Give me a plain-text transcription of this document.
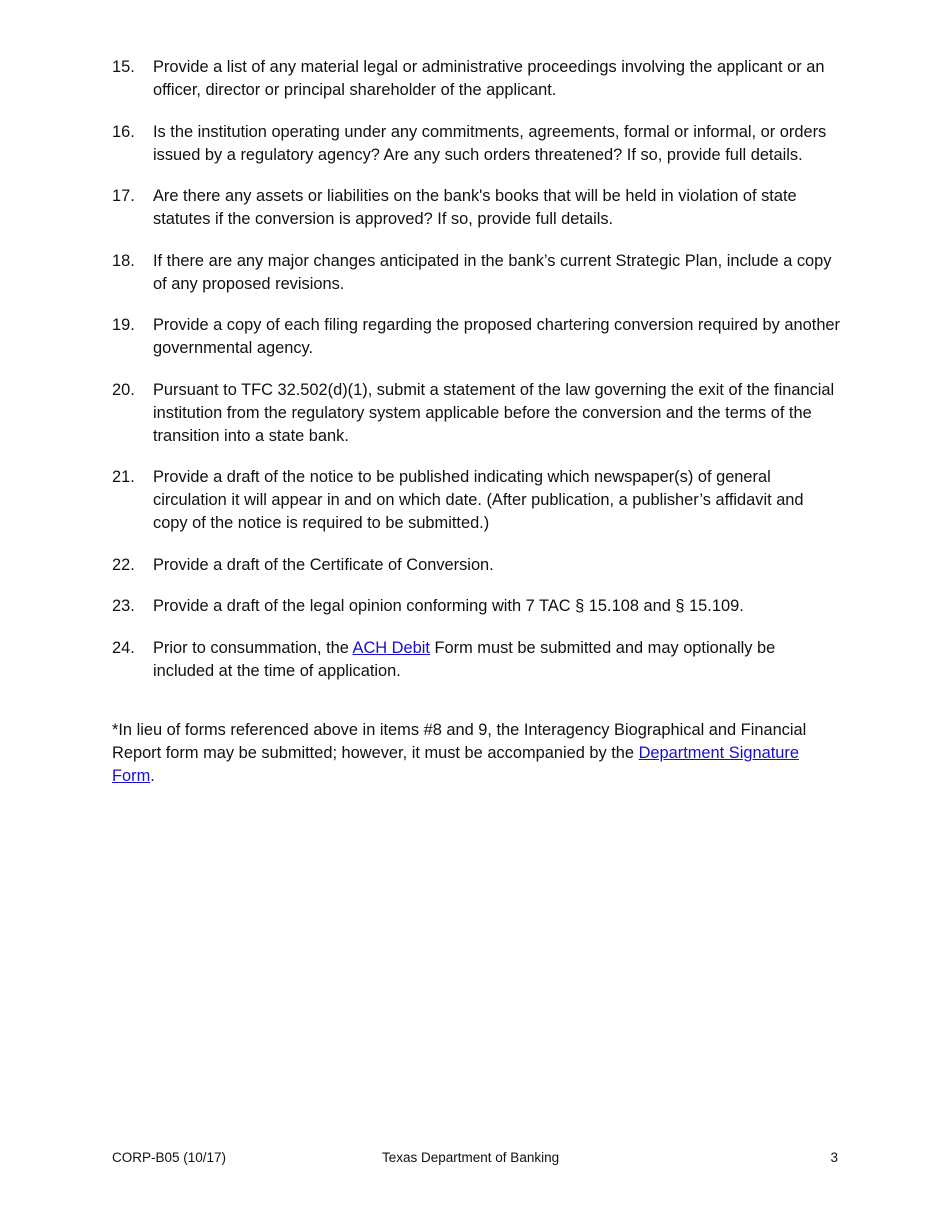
15.	Provide a list of any material legal or administrative proceedings involving the applicant or an officer, director or principal shareholder of the applicant.
16.	Is the institution operating under any commitments, agreements, formal or informal, or orders issued by a regulatory agency? Are any such orders threatened? If so, provide full details.
17.	Are there any assets or liabilities on the bank's books that will be held in violation of state statutes if the conversion is approved? If so, provide full details.
18.	If there are any major changes anticipated in the bank’s current Strategic Plan, include a copy of any proposed revisions.
19.	Provide a copy of each filing regarding the proposed chartering conversion required by another governmental agency.
20.	Pursuant to TFC 32.502(d)(1), submit a statement of the law governing the exit of the financial institution from the regulatory system applicable before the conversion and the terms of the transition into a state bank.
21.	Provide a draft of the notice to be published indicating which newspaper(s) of general circulation it will appear in and on which date. (After publication, a publisher’s affidavit and copy of the notice is required to be submitted.)
22.	Provide a draft of the Certificate of Conversion.
23.	Provide a draft of the legal opinion conforming with 7 TAC § 15.108 and § 15.109.
24.	Prior to consummation, the ACH Debit Form must be submitted and may optionally be included at the time of application.

*In lieu of forms referenced above in items #8 and 9, the Interagency Biographical and Financial Report form may be submitted; however, it must be accompanied by the Department Signature Form.

CORP-B05 (10/17)	Texas Department of Banking	3
